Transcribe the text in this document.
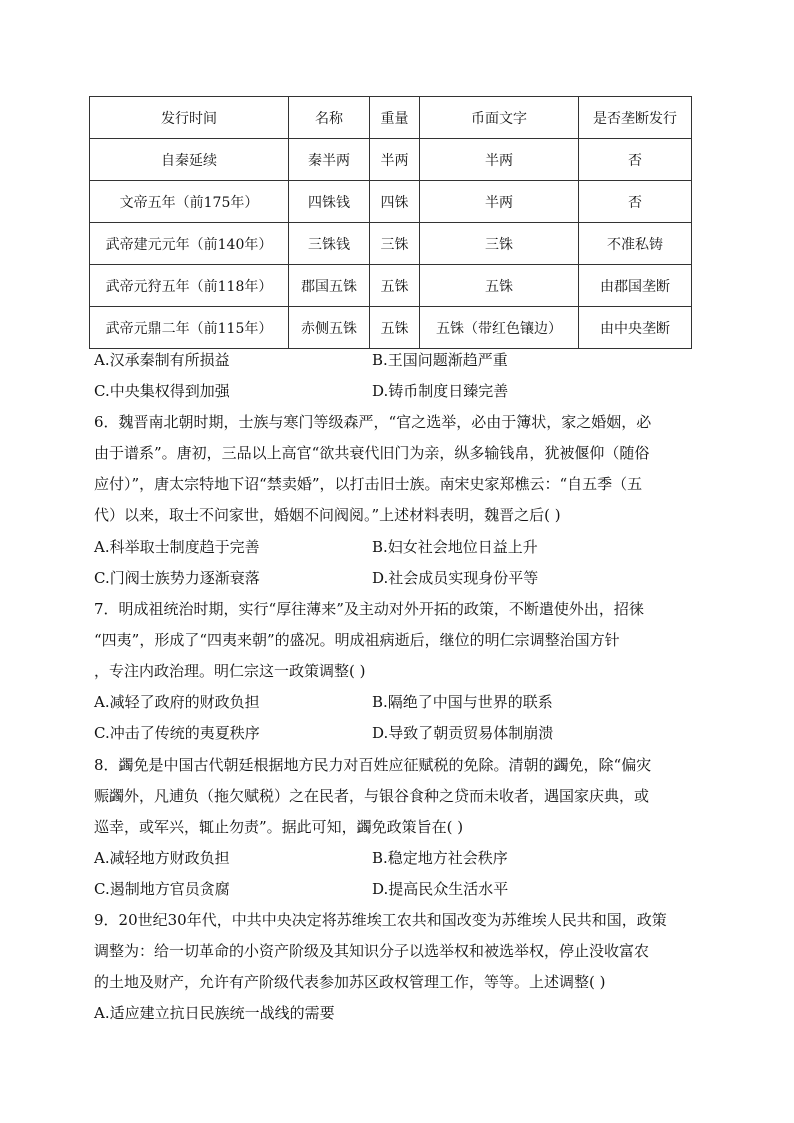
发行时间	名称	重量	币面文字	是否垄断发行
自秦延续	秦半两	半两	半两	否
文帝五年（前175年）	四铢钱	四铢	半两	否
武帝建元元年（前140年）	三铢钱	三铢	三铢	不准私铸
武帝元狩五年（前118年）	郡国五铢	五铢	五铢	由郡国垄断
武帝元鼎二年（前115年）	赤侧五铢	五铢	五铢（带红色镶边）	由中央垄断
A.汉承秦制有所损益	B.王国问题渐趋严重
C.中央集权得到加强	D.铸币制度日臻完善
6．魏晋南北朝时期，士族与寒门等级森严，“官之选举，必由于簿状，家之婚姻，必
由于谱系”。唐初，三品以上高官“欲共衰代旧门为亲，纵多输钱帛，犹被偃仰（随俗
应付）”，唐太宗特地下诏“禁卖婚”，以打击旧士族。南宋史家郑樵云：“自五季（五
代）以来，取士不问家世，婚姻不问阀阅。”上述材料表明，魏晋之后( )
A.科举取士制度趋于完善	B.妇女社会地位日益上升
C.门阀士族势力逐渐衰落	D.社会成员实现身份平等
7．明成祖统治时期，实行“厚往薄来”及主动对外开拓的政策，不断遣使外出，招徕
“四夷”，形成了“四夷来朝”的盛况。明成祖病逝后，继位的明仁宗调整治国方针
，专注内政治理。明仁宗这一政策调整( )
A.减轻了政府的财政负担	B.隔绝了中国与世界的联系
C.冲击了传统的夷夏秩序	D.导致了朝贡贸易体制崩溃
8．蠲免是中国古代朝廷根据地方民力对百姓应征赋税的免除。清朝的蠲免，除“偏灾
赈蠲外，凡逋负（拖欠赋税）之在民者，与银谷食种之贷而未收者，遇国家庆典，或
巡幸，或军兴，辄止勿责”。据此可知，蠲免政策旨在( )
A.减轻地方财政负担	B.稳定地方社会秩序
C.遏制地方官员贪腐	D.提高民众生活水平
9．20世纪30年代，中共中央决定将苏维埃工农共和国改变为苏维埃人民共和国，政策
调整为：给一切革命的小资产阶级及其知识分子以选举权和被选举权，停止没收富农
的土地及财产，允许有产阶级代表参加苏区政权管理工作，等等。上述调整( )
A.适应建立抗日民族统一战线的需要
